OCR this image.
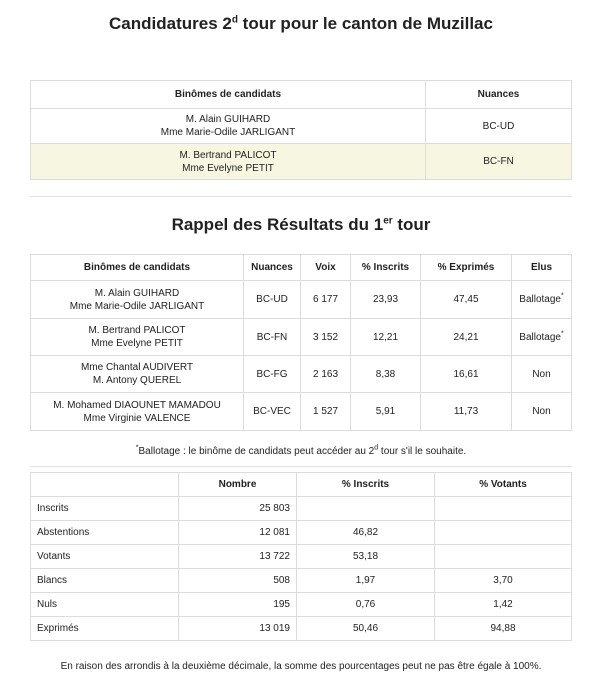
Candidatures 2$^d$ tour pour le canton de Muzillac
Binômes de candidats	Nuances
M. Alain GUIHARD
Mme Marie-Odile JARLIGANT	BC-UD
M. Bertrand PALICOT
Mme Evelyne PETIT	BC-FN
Rappel des Résultats du 1er tour
Binômes de candidats	Nuances	Voix	% Inscrits	% Exprimés	Elus
M. Alain GUIHARD
Mme Marie-Odile JARLIGANT	BC-UD	6 177	23,93	47,45	Ballotage*
M. Bertrand PALICOT
Mme Evelyne PETIT	BC-FN	3 152	12,21	24,21	Ballotage*
Mme Chantal AUDIVERT
M. Antony QUEREL	BC-FG	2 163	8,38	16,61	Non
M. Mohamed DIAOUNET MAMADOU
Mme Virginie VALENCE	BC-VEC	1 527	5,91	11,73	Non
*Ballotage : le binôme de candidats peut accéder au 2$^d$ tour s'il le souhaite.
	Nombre	% Inscrits	% Votants
Inscrits	25 803		
Abstentions	12 081	46,82	
Votants	13 722	53,18	
Blancs	508	1,97	3,70
Nuls	195	0,76	1,42
Exprimés	13 019	50,46	94,88
En raison des arrondis à la deuxième décimale, la somme des pourcentages peut ne pas être égale à 100%.
